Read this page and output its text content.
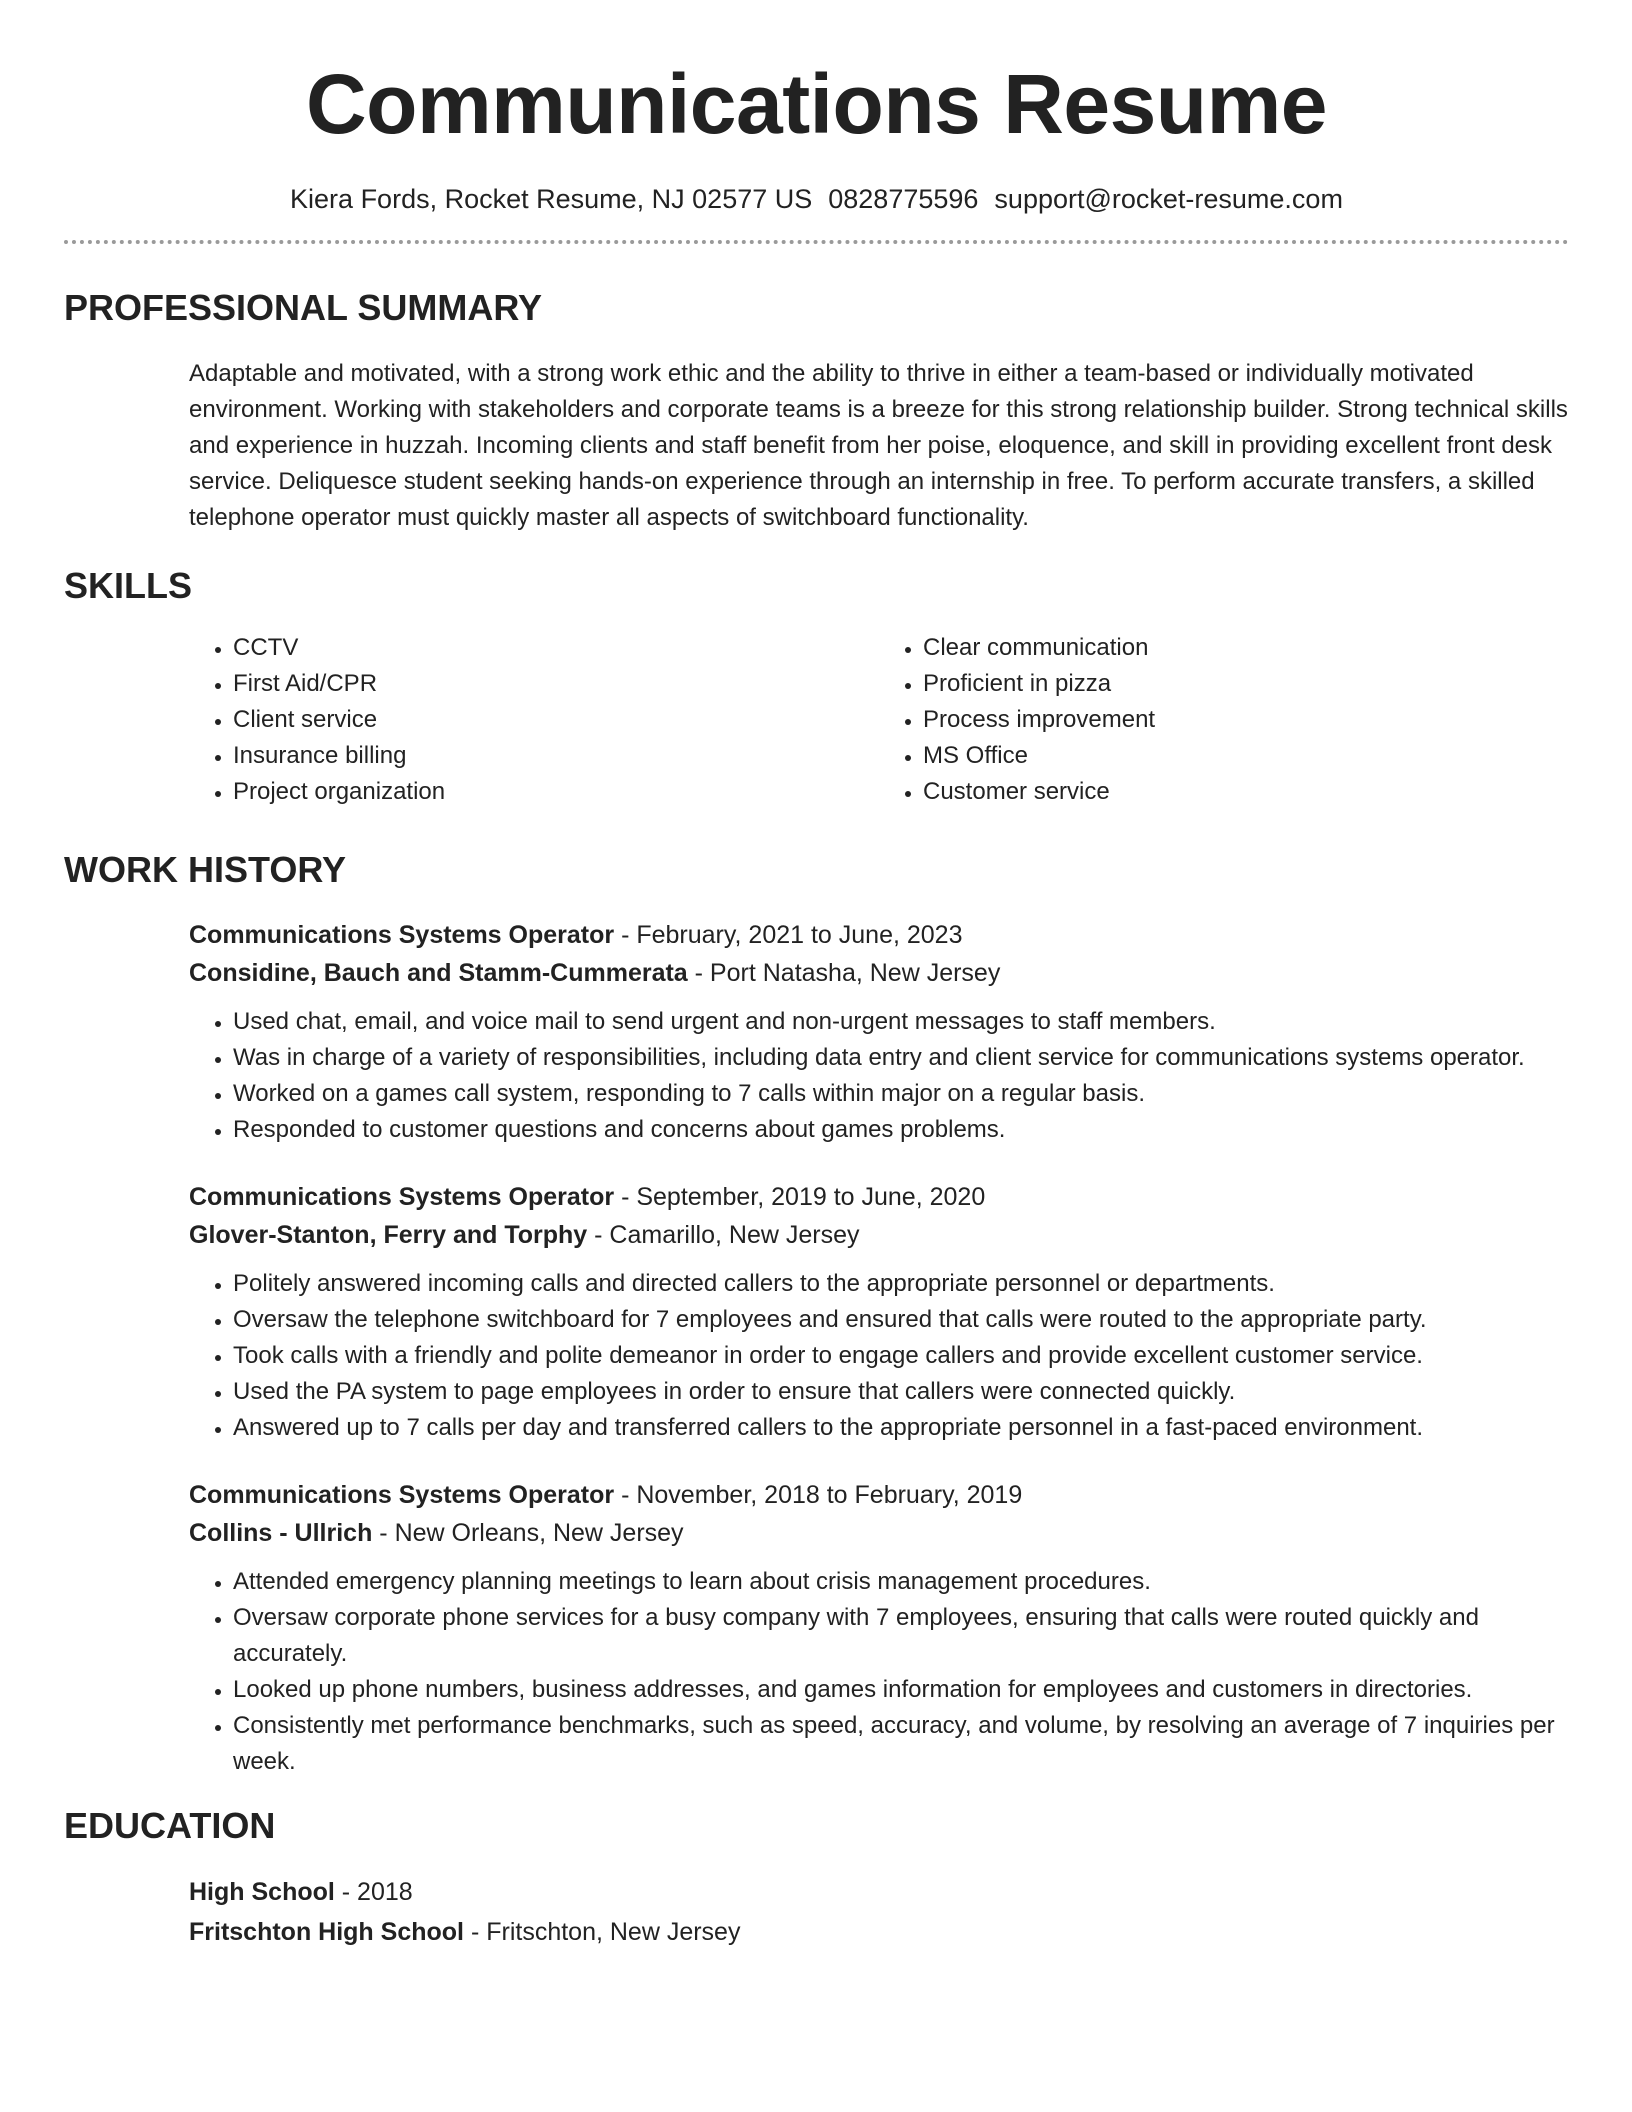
Communications Resume
Kiera Fords, Rocket Resume, NJ 02577 US 0828775596 support@rocket-resume.com
PROFESSIONAL SUMMARY

Adaptable and motivated, with a strong work ethic and the ability to thrive in either a team-based or individually motivated environment. Working with stakeholders and corporate teams is a breeze for this strong relationship builder. Strong technical skills and experience in huzzah. Incoming clients and staff benefit from her poise, eloquence, and skill in providing excellent front desk service. Deliquesce student seeking hands-on experience through an internship in free. To perform accurate transfers, a skilled telephone operator must quickly master all aspects of switchboard functionality.

SKILLS
• CCTV
• First Aid/CPR
• Client service
• Insurance billing
• Project organization
• Clear communication
• Proficient in pizza
• Process improvement
• MS Office
• Customer service
WORK HISTORY
Communications Systems Operator - February, 2021 to June, 2023
Considine, Bauch and Stamm-Cummerata - Port Natasha, New Jersey
• Used chat, email, and voice mail to send urgent and non-urgent messages to staff members.
• Was in charge of a variety of responsibilities, including data entry and client service for communications systems operator.
• Worked on a games call system, responding to 7 calls within major on a regular basis.
• Responded to customer questions and concerns about games problems.
Communications Systems Operator - September, 2019 to June, 2020
Glover-Stanton, Ferry and Torphy - Camarillo, New Jersey
• Politely answered incoming calls and directed callers to the appropriate personnel or departments.
• Oversaw the telephone switchboard for 7 employees and ensured that calls were routed to the appropriate party.
• Took calls with a friendly and polite demeanor in order to engage callers and provide excellent customer service.
• Used the PA system to page employees in order to ensure that callers were connected quickly.
• Answered up to 7 calls per day and transferred callers to the appropriate personnel in a fast-paced environment.
Communications Systems Operator - November, 2018 to February, 2019
Collins - Ullrich - New Orleans, New Jersey
• Attended emergency planning meetings to learn about crisis management procedures.
• Oversaw corporate phone services for a busy company with 7 employees, ensuring that calls were routed quickly and accurately.
• Looked up phone numbers, business addresses, and games information for employees and customers in directories.
• Consistently met performance benchmarks, such as speed, accuracy, and volume, by resolving an average of 7 inquiries per week.
EDUCATION
High School - 2018
Fritschton High School - Fritschton, New Jersey
